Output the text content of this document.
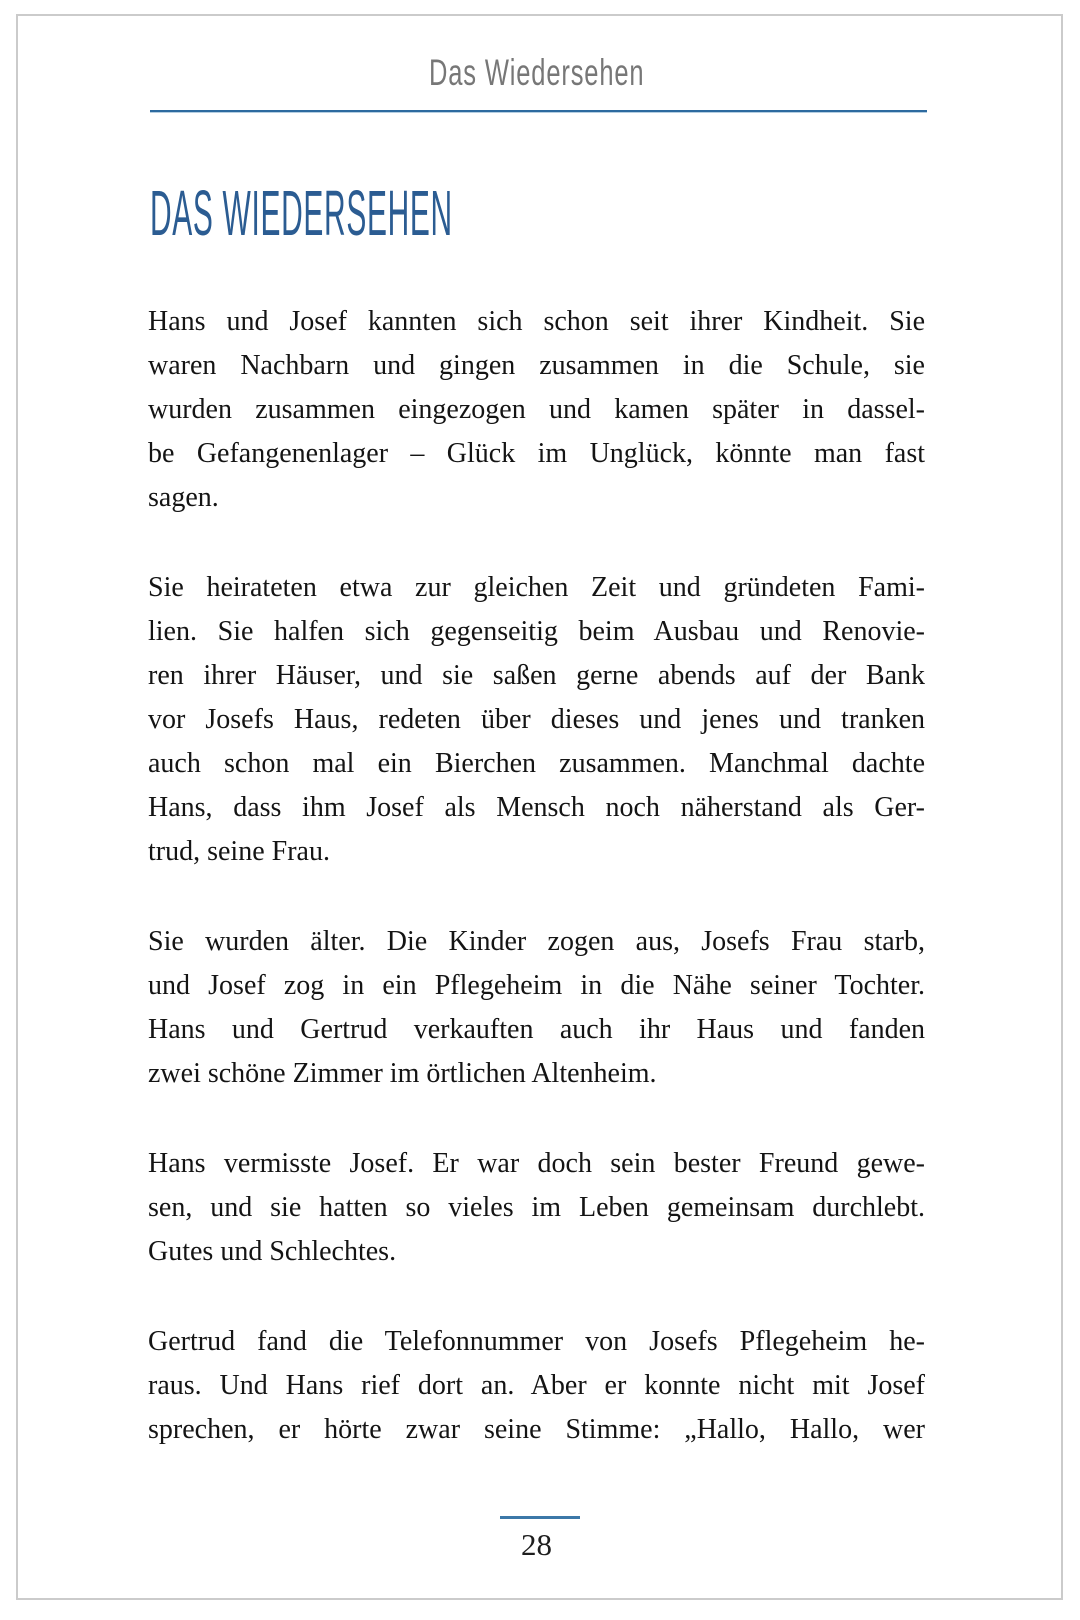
Das Wiedersehen
DAS WIEDERSEHEN
Hans und Josef kannten sich schon seit ihrer Kindheit. Sie
waren Nachbarn und gingen zusammen in die Schule, sie
wurden zusammen eingezogen und kamen später in dassel-
be Gefangenenlager – Glück im Unglück, könnte man fast
sagen.
Sie heirateten etwa zur gleichen Zeit und gründeten Fami-
lien. Sie halfen sich gegenseitig beim Ausbau und Renovie-
ren ihrer Häuser, und sie saßen gerne abends auf der Bank
vor Josefs Haus, redeten über dieses und jenes und tranken
auch schon mal ein Bierchen zusammen. Manchmal dachte
Hans, dass ihm Josef als Mensch noch näherstand als Ger-
trud, seine Frau.
Sie wurden älter. Die Kinder zogen aus, Josefs Frau starb,
und Josef zog in ein Pflegeheim in die Nähe seiner Tochter.
Hans und Gertrud verkauften auch ihr Haus und fanden
zwei schöne Zimmer im örtlichen Altenheim.
Hans vermisste Josef. Er war doch sein bester Freund gewe-
sen, und sie hatten so vieles im Leben gemeinsam durchlebt.
Gutes und Schlechtes.
Gertrud fand die Telefonnummer von Josefs Pflegeheim he-
raus. Und Hans rief dort an. Aber er konnte nicht mit Josef
sprechen, er hörte zwar seine Stimme: „Hallo, Hallo, wer
28
